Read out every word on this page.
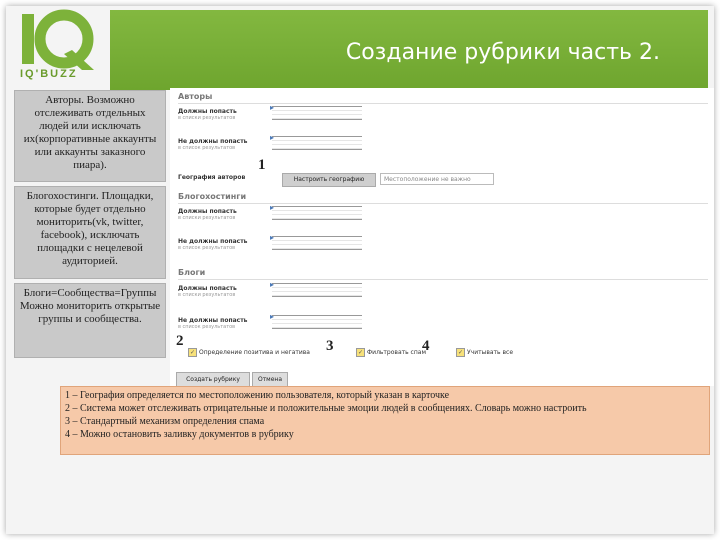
IQ'BUZZ
Создание рубрики часть 2.
Авторы. Возможно отслеживать отдельных людей или исключать их(корпоративные аккаунты или аккаунты заказного пиара).
Блогохостинги. Площадки, которые будет отдельно мониторить(vk, twitter, facebook), исключать площадки с нецелевой аудиторией.
Блоги=Сообщества=Группы Можно мониторить открытые группы и сообщества.
Авторы
Должны попасть
в списки результатов
▸
Не должны попасть
в список результатов
▸
География авторов	Настроить географию	Местоположение не важно
Блогохостинги
Должны попасть
в списки результатов
▸
Не должны попасть
в список результатов
▸
Блоги
Должны попасть
в списки результатов
▸
Не должны попасть
в список результатов
▸
✓ Определение позитива и негатива	✓ Фильтровать спам	✓ Учитывать все
Создать рубрику	Отмена
1
2	3	4
1 – География определяется по местоположению пользователя, который указан в карточке
2 – Система может отслеживать отрицательные и положительные эмоции людей в сообщениях. Словарь можно настроить
3 – Стандартный механизм определения спама
4 – Можно остановить заливку документов в рубрику
